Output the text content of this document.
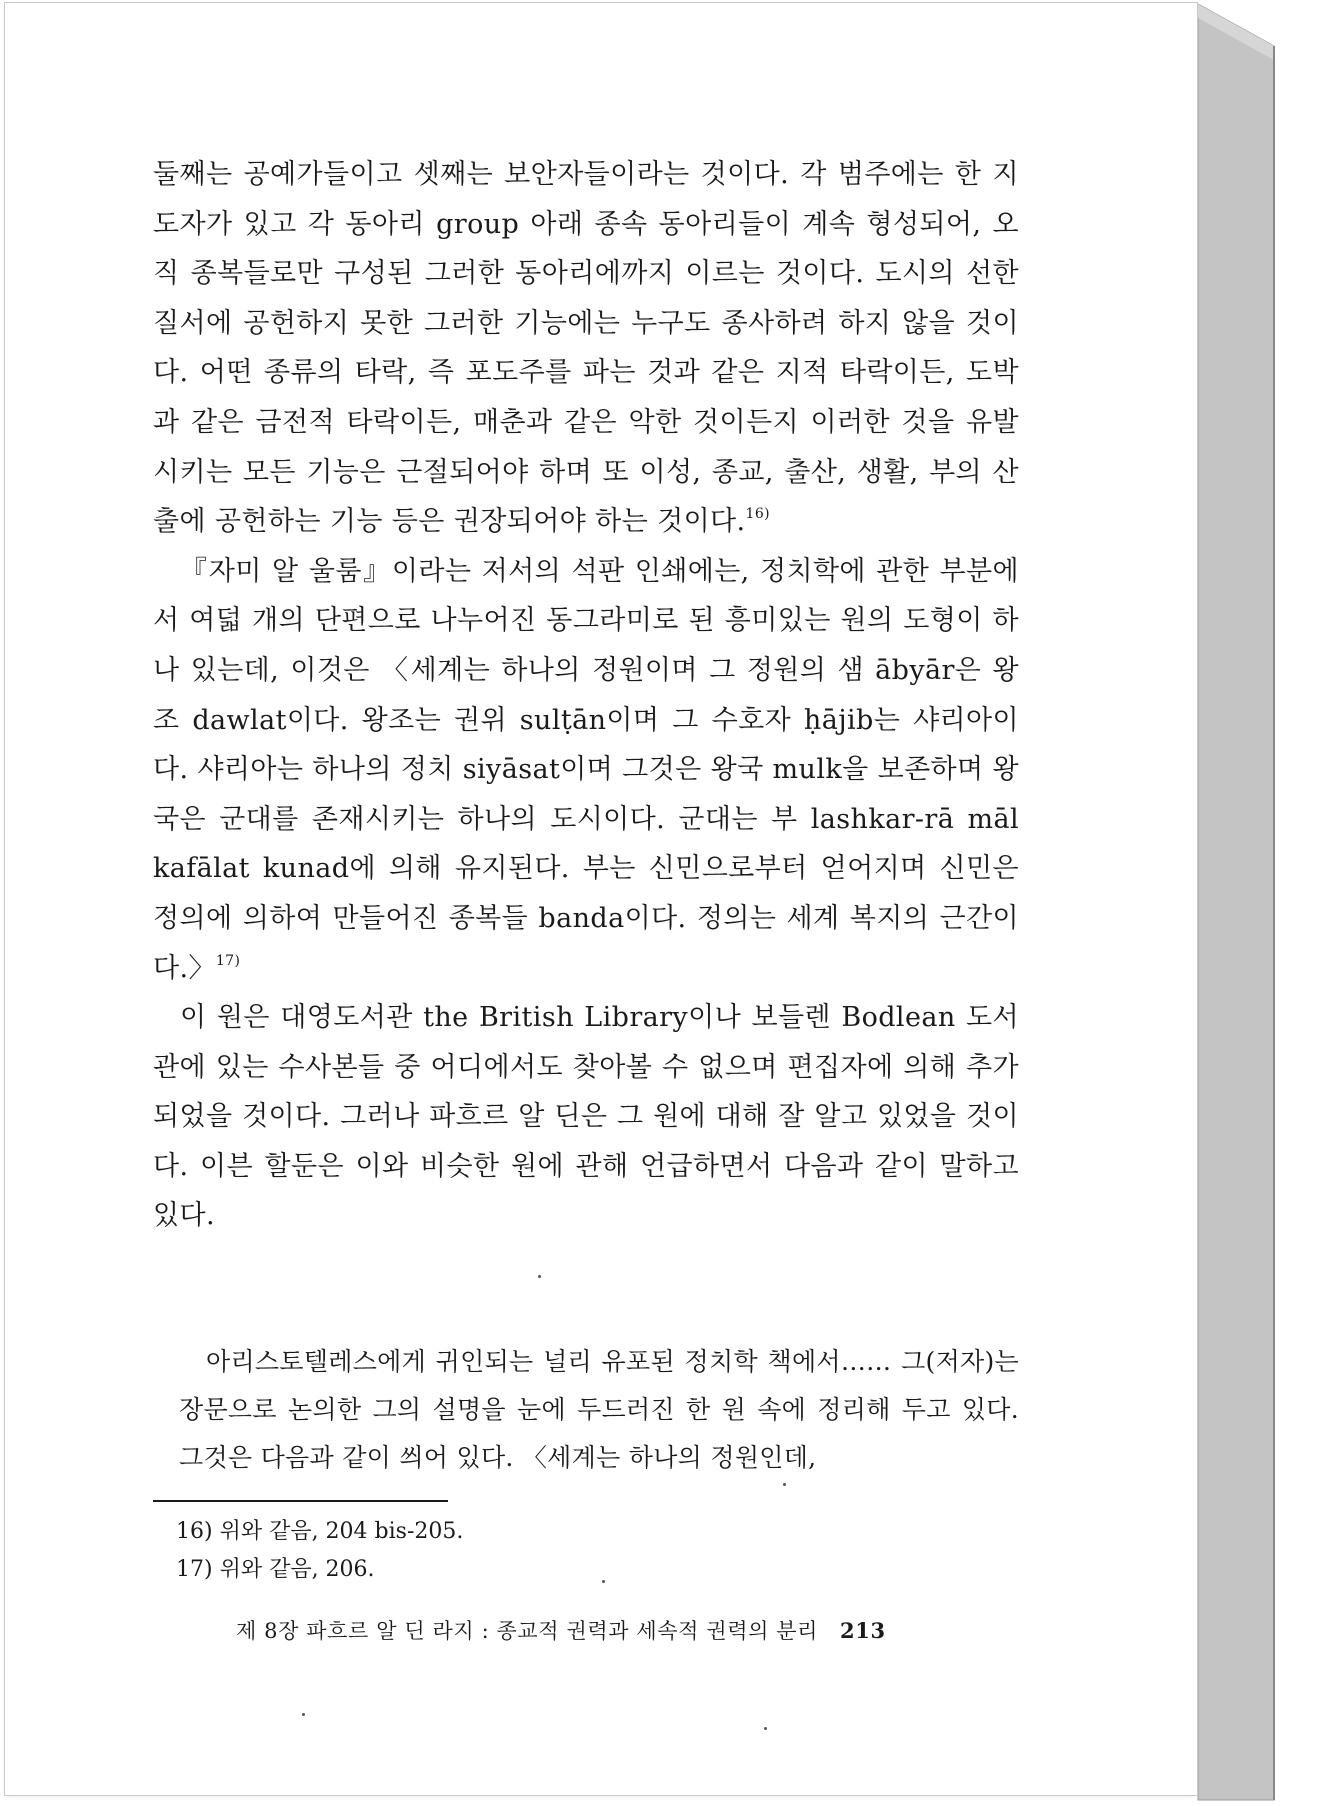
둘째는 공예가들이고 셋째는 보안자들이라는 것이다. 각 범주에는 한 지도자가 있고 각 동아리 group 아래 종속 동아리들이 계속 형성되어, 오직 종복들로만 구성된 그러한 동아리에까지 이르는 것이다. 도시의 선한 질서에 공헌하지 못한 그러한 기능에는 누구도 종사하려 하지 않을 것이다. 어떤 종류의 타락, 즉 포도주를 파는 것과 같은 지적 타락이든, 도박과 같은 금전적 타락이든, 매춘과 같은 악한 것이든지 이러한 것을 유발시키는 모든 기능은 근절되어야 하며 또 이성, 종교, 출산, 생활, 부의 산출에 공헌하는 기능 등은 권장되어야 하는 것이다.$^{16)}$

『자미 알 울룸』이라는 저서의 석판 인쇄에는, 정치학에 관한 부분에서 여덟 개의 단편으로 나누어진 동그라미로 된 흥미있는 원의 도형이 하나 있는데, 이것은 〈세계는 하나의 정원이며 그 정원의 샘 ābyār은 왕조 dawlat이다. 왕조는 권위 sulṭān이며 그 수호자 ḥājib는 샤리아이다. 샤리아는 하나의 정치 siyāsat이며 그것은 왕국 mulk을 보존하며 왕국은 군대를 존재시키는 하나의 도시이다. 군대는 부 lashkar-rā māl kafālat kunad에 의해 유지된다. 부는 신민으로부터 얻어지며 신민은 정의에 의하여 만들어진 종복들 banda이다. 정의는 세계 복지의 근간이다.〉$^{17)}$

이 원은 대영도서관 the British Library이나 보들렌 Bodlean 도서관에 있는 수사본들 중 어디에서도 찾아볼 수 없으며 편집자에 의해 추가되었을 것이다. 그러나 파흐르 알 딘은 그 원에 대해 잘 알고 있었을 것이다. 이븐 할둔은 이와 비슷한 원에 관해 언급하면서 다음과 같이 말하고 있다.

아리스토텔레스에게 귀인되는 널리 유포된 정치학 책에서…… 그(저자)는 장문으로 논의한 그의 설명을 눈에 두드러진 한 원 속에 정리해 두고 있다. 그것은 다음과 같이 씌어 있다. 〈세계는 하나의 정원인데,

16) 위와 같음, 204 bis-205.
17) 위와 같음, 206.
제 8장 파흐르 알 딘 라지 : 종교적 권력과 세속적 권력의 분리 213
